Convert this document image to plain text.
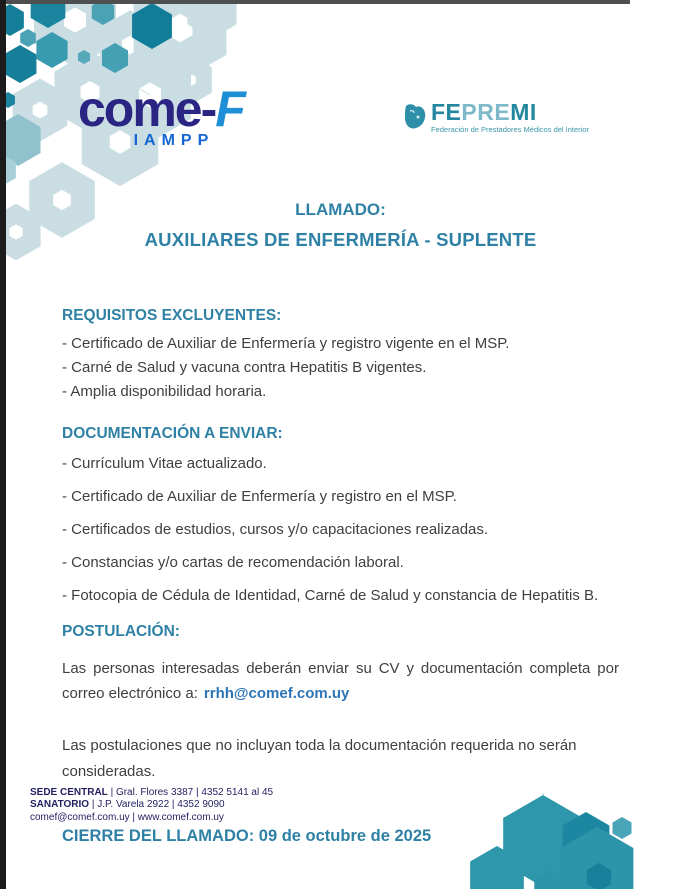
come-F
IAMPP
FEPREMI
Federación de Prestadores Médicos del Interior
LLAMADO:
AUXILIARES DE ENFERMERÍA - SUPLENTE
REQUISITOS EXCLUYENTES:
- Certificado de Auxiliar de Enfermería y registro vigente en el MSP.
- Carné de Salud y vacuna contra Hepatitis B vigentes.
- Amplia disponibilidad horaria.
DOCUMENTACIÓN A ENVIAR:
- Currículum Vitae actualizado.
- Certificado de Auxiliar de Enfermería y registro en el MSP.
- Certificados de estudios, cursos y/o capacitaciones realizadas.
- Constancias y/o cartas de recomendación laboral.
- Fotocopia de Cédula de Identidad, Carné de Salud y constancia de Hepatitis B.
POSTULACIÓN:

Las personas interesadas deberán enviar su CV y documentación completa por correo electrónico a: rrhh@comef.com.uy

Las postulaciones que no incluyan toda la documentación requerida no serán consideradas.

CIERRE DEL LLAMADO: 09 de octubre de 2025
SEDE CENTRAL | Gral. Flores 3387 | 4352 5141 al 45
SANATORIO | J.P. Varela 2922 | 4352 9090
comef@comef.com.uy | www.comef.com.uy
